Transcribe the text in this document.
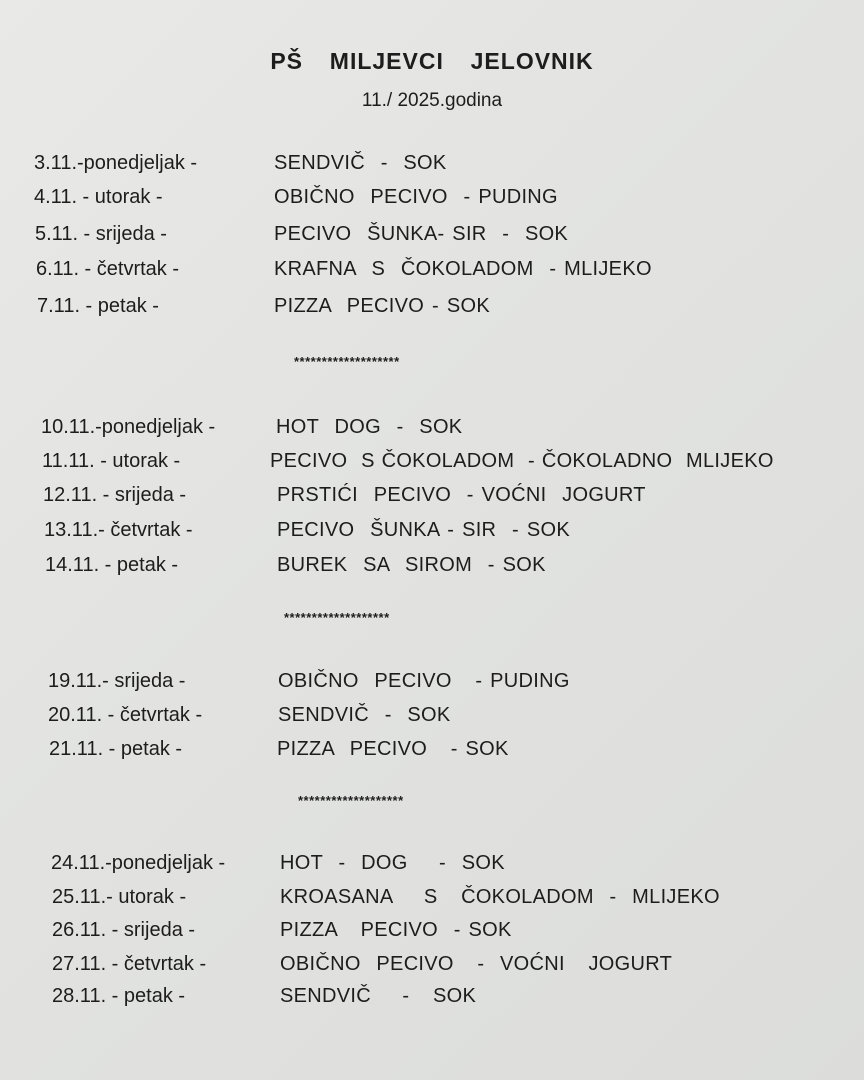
PŠ  MILJEVCI  JELOVNIK
11./ 2025.godina
3.11.-ponedjeljak -	SENDVIČ  -  SOK
4.11. - utorak -	OBIČNO  PECIVO  - PUDING
5.11. - srijeda -	PECIVO  ŠUNKA- SIR  -  SOK
6.11. - četvrtak -	KRAFNA  S  ČOKOLADOM  - MLIJEKO
7.11. - petak -	PIZZA  PECIVO - SOK
*******************
10.11.-ponedjeljak -	HOT  DOG  -  SOK
11.11. - utorak -	PECIVO  S ČOKOLADOM  - ČOKOLADNO  MLIJEKO
12.11. - srijeda -	PRSTIĆI  PECIVO  - VOĆNI  JOGURT
13.11.- četvrtak -	PECIVO  ŠUNKA - SIR  - SOK
14.11. - petak -	BUREK  SA  SIROM  - SOK
*******************
19.11.- srijeda -	OBIČNO  PECIVO   - PUDING
20.11. - četvrtak -	SENDVIČ  -  SOK
21.11. - petak -	PIZZA  PECIVO   - SOK
*******************
24.11.-ponedjeljak -	HOT  -  DOG    -  SOK
25.11.- utorak -	KROASANA    S   ČOKOLADOM  -  MLIJEKO
26.11. - srijeda -	PIZZA   PECIVO  - SOK
27.11. - četvrtak -	OBIČNO  PECIVO   -  VOĆNI   JOGURT
28.11. - petak -	SENDVIČ    -   SOK
